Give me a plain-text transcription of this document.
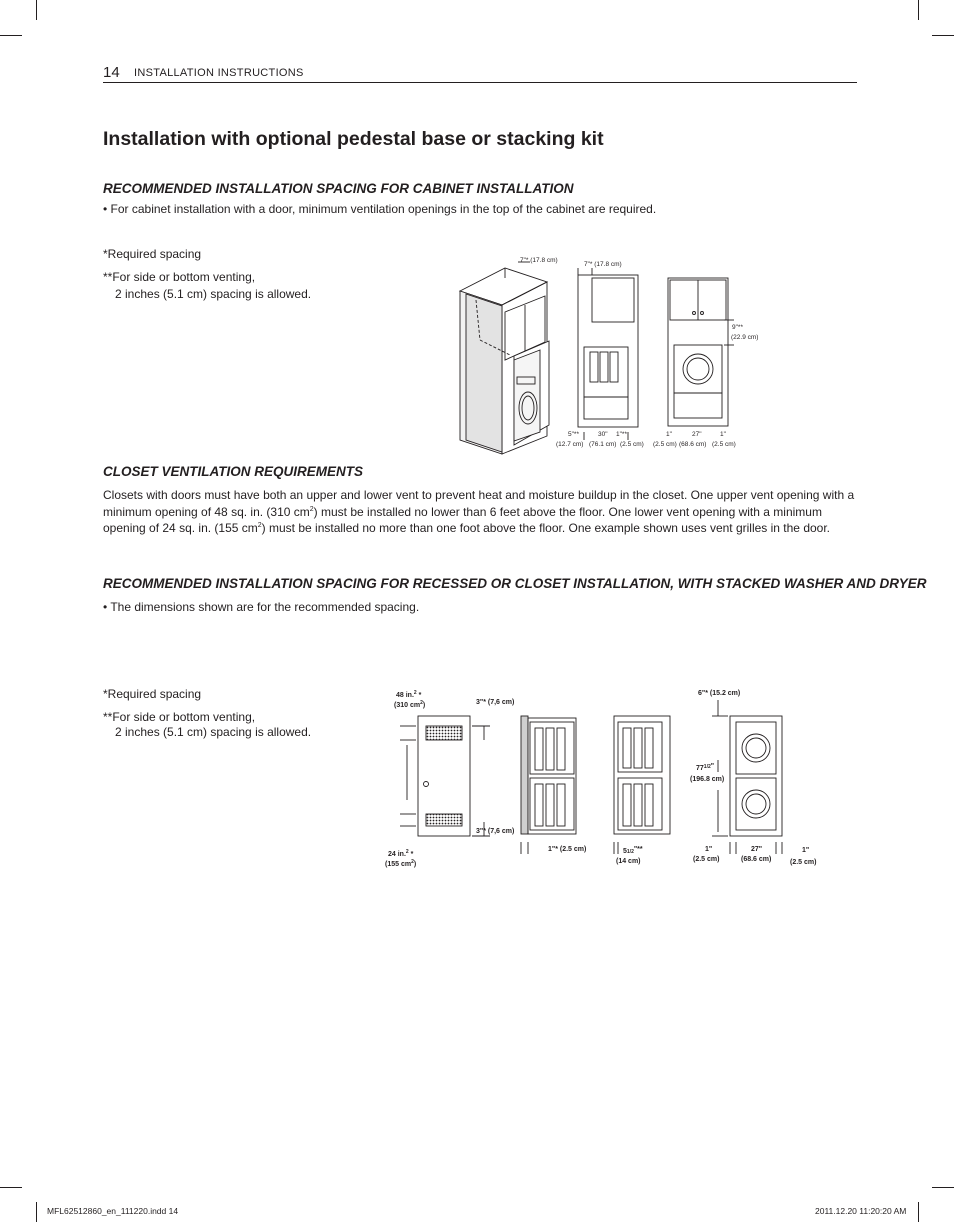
14 INSTALLATION INSTRUCTIONS
Installation with optional pedestal base or stacking kit
RECOMMENDED INSTALLATION SPACING FOR CABINET INSTALLATION
• For cabinet installation with a door, minimum ventilation openings in the top of the cabinet are required.
*Required spacing
**For side or bottom venting,
2 inches (5.1 cm) spacing is allowed.
7"* (17.8 cm)
7"* (17.8 cm)
5"**	30" 1"**
(12.7 cm) (76.1 cm) (2.5 cm)
1"	27"	1"
(2.5 cm) (68.6 cm) (2.5 cm)
9"**
(22.9 cm)
CLOSET VENTILATION REQUIREMENTS
Closets with doors must have both an upper and lower vent to prevent heat and moisture buildup in the closet. One upper vent opening with a minimum opening of 48 sq. in. (310 $cm^2$) must be installed no lower than 6 feet above the floor. One lower vent opening with a minimum opening of 24 sq. in. (155 $cm^2$) must be installed no more than one foot above the floor. One example shown uses vent grilles in the door.
RECOMMENDED INSTALLATION SPACING FOR RECESSED OR CLOSET INSTALLATION, WITH STACKED WASHER AND DRYER
• The dimensions shown are for the recommended spacing.
*Required spacing
**For side or bottom venting,
2 inches (5.1 cm) spacing is allowed.
48 in.$^2$ *
(310 $cm^2$)
24 in.$^2$ *
(155 $cm^2$)
3"* (7,6 cm)
3"* (7,6 cm)
1"* (2.5 cm)	51/2"**
(14 cm)
6"* (15.2 cm)
$77^{1/2}$"
(196.8 cm)
1"
(2.5 cm)
27"
(68.6 cm)
1"
(2.5 cm)
MFL62512860_en_111220.indd 14	2011.12.20 11:20:20 AM
